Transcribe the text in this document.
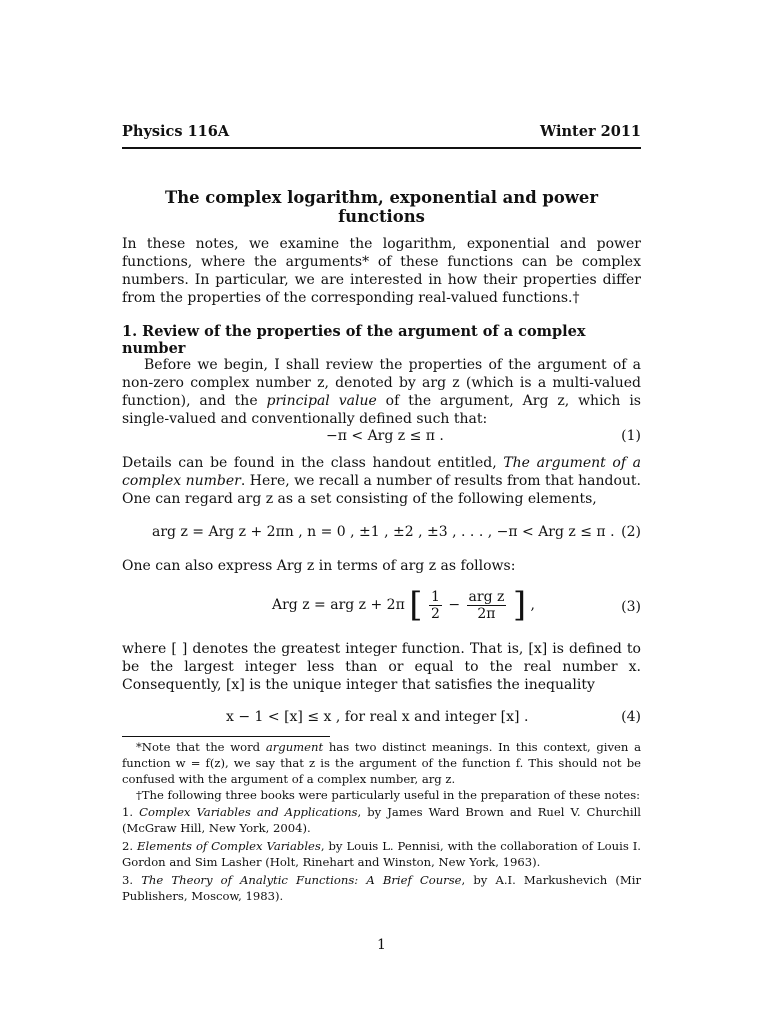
Physics 116A	Winter 2011
The complex logarithm, exponential and power functions
In these notes, we examine the logarithm, exponential and power functions, where the arguments* of these functions can be complex numbers. In particular, we are interested in how their properties differ from the properties of the corresponding real-valued functions.†
1. Review of the properties of the argument of a complex number
Before we begin, I shall review the properties of the argument of a non-zero complex number z, denoted by arg z (which is a multi-valued function), and the principal value of the argument, Arg z, which is single-valued and conventionally defined such that:
−π < Arg z ≤ π .	(1)
Details can be found in the class handout entitled, The argument of a complex number. Here, we recall a number of results from that handout. One can regard arg z as a set consisting of the following elements,
arg z = Arg z + 2πn , n = 0 , ±1 , ±2 , ±3 , . . . , −π < Arg z ≤ π . (2)
One can also express Arg z in terms of arg z as follows:
Arg z = arg z + 2π [ $\frac{1}{2} - \frac{\text{arg z}}{2\pi}$ ] ,	(3)
where [ ] denotes the greatest integer function. That is, [x] is defined to be the largest integer less than or equal to the real number x. Consequently, [x] is the unique integer that satisfies the inequality
x − 1 < [x] ≤ x , for real x and integer [x] .	(4)
*Note that the word argument has two distinct meanings. In this context, given a function w = f(z), we say that z is the argument of the function f. This should not be confused with the argument of a complex number, arg z.
†The following three books were particularly useful in the preparation of these notes:
1. Complex Variables and Applications, by James Ward Brown and Ruel V. Churchill (McGraw Hill, New York, 2004).
2. Elements of Complex Variables, by Louis L. Pennisi, with the collaboration of Louis I. Gordon and Sim Lasher (Holt, Rinehart and Winston, New York, 1963).
3. The Theory of Analytic Functions: A Brief Course, by A.I. Markushevich (Mir Publishers, Moscow, 1983).
1
